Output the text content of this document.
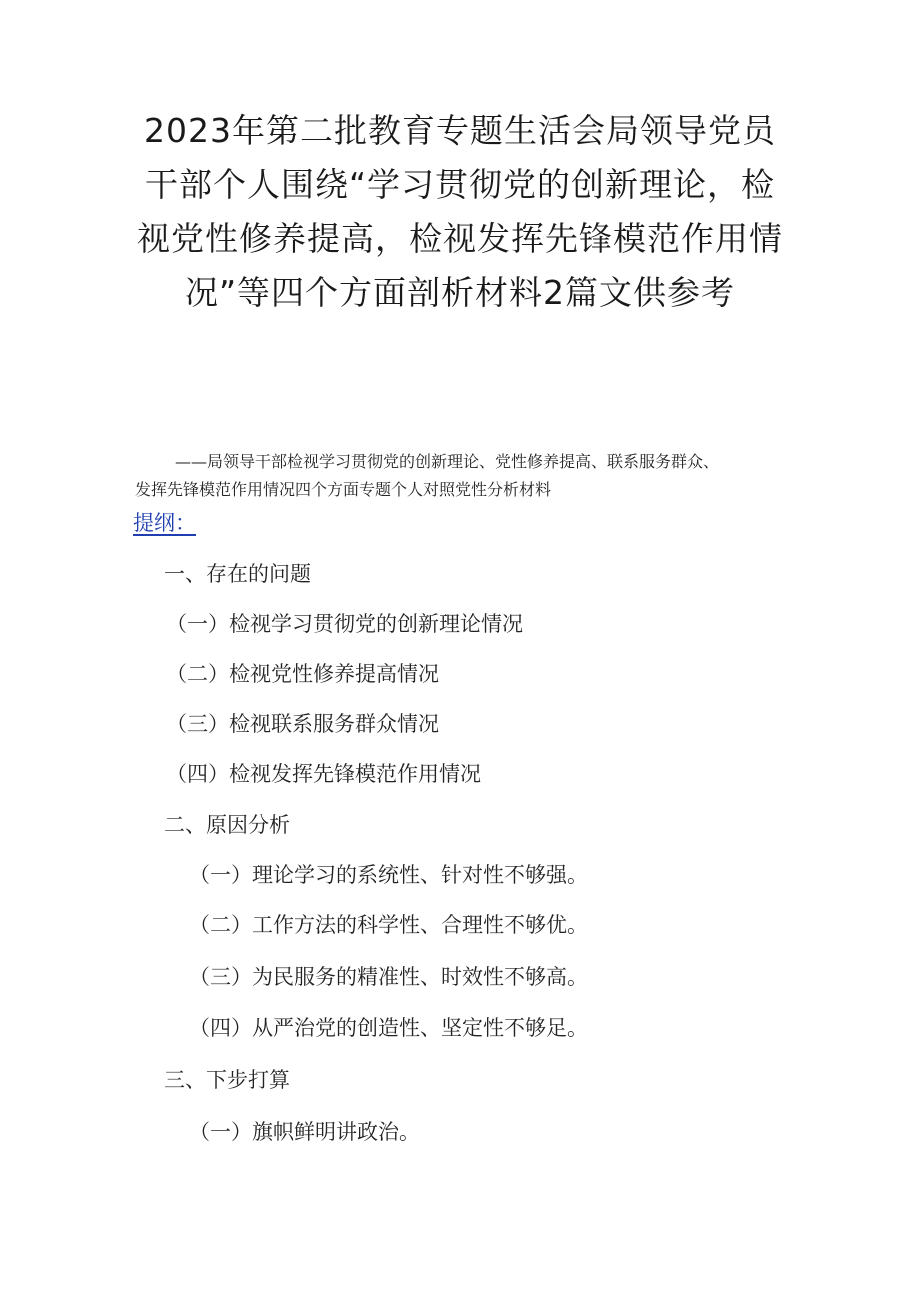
2023年第二批教育专题生活会局领导党员
干部个人围绕“学习贯彻党的创新理论，检
视党性修养提高，检视发挥先锋模范作用情
况”等四个方面剖析材料2篇文供参考
——局领导干部检视学习贯彻党的创新理论、党性修养提高、联系服务群众、
发挥先锋模范作用情况四个方面专题个人对照党性分析材料
提纲：
一、存在的问题
（一）检视学习贯彻党的创新理论情况
（二）检视党性修养提高情况
（三）检视联系服务群众情况
（四）检视发挥先锋模范作用情况
二、原因分析
（一）理论学习的系统性、针对性不够强。
（二）工作方法的科学性、合理性不够优。
（三）为民服务的精准性、时效性不够高。
（四）从严治党的创造性、坚定性不够足。
三、下步打算
（一）旗帜鲜明讲政治。
